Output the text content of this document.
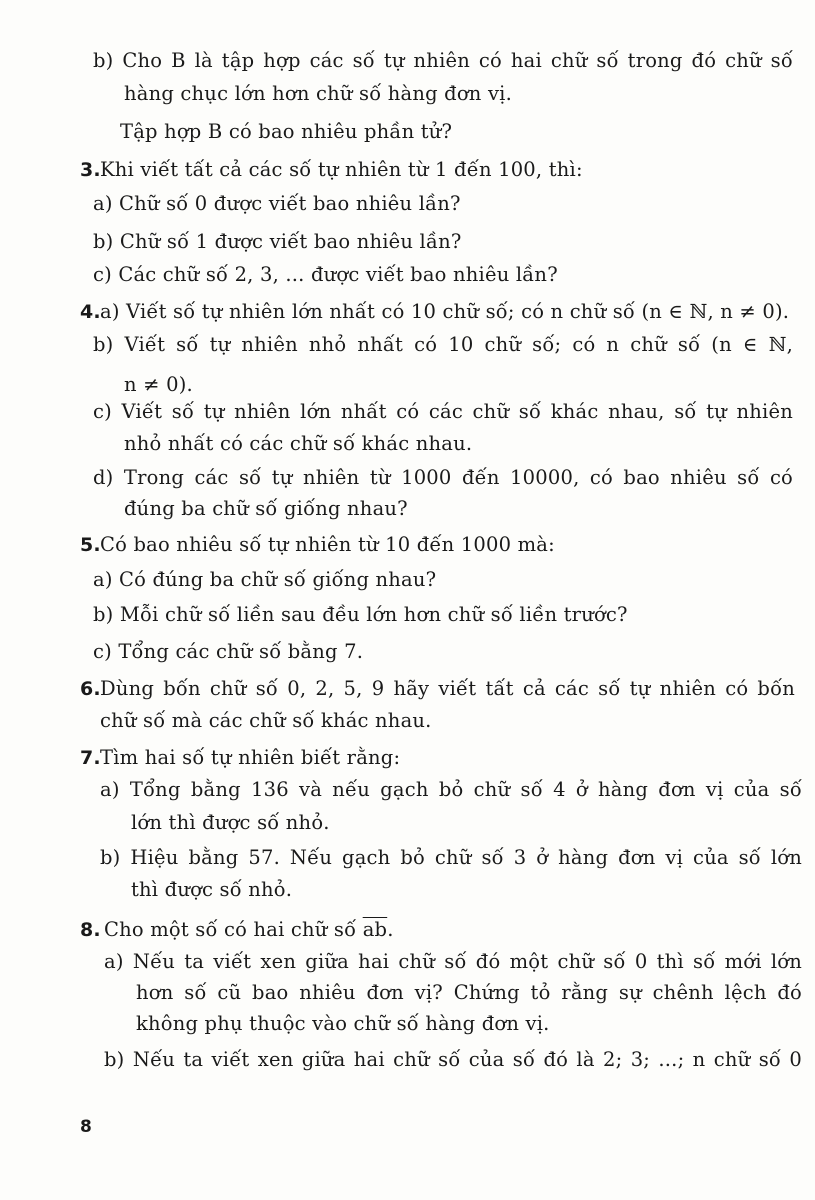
b) Cho B là tập hợp các số tự nhiên có hai chữ số trong đó chữ số
hàng chục lớn hơn chữ số hàng đơn vị.
Tập hợp B có bao nhiêu phần tử?
3. Khi viết tất cả các số tự nhiên từ 1 đến 100, thì:
a) Chữ số 0 được viết bao nhiêu lần?
b) Chữ số 1 được viết bao nhiêu lần?
c) Các chữ số 2, 3, ... được viết bao nhiêu lần?
4. a) Viết số tự nhiên lớn nhất có 10 chữ số; có n chữ số (n ∈ ℕ, n ≠ 0).
b) Viết số tự nhiên nhỏ nhất có 10 chữ số; có n chữ số (n ∈ ℕ,
n ≠ 0).
c) Viết số tự nhiên lớn nhất có các chữ số khác nhau, số tự nhiên
nhỏ nhất có các chữ số khác nhau.
d) Trong các số tự nhiên từ 1000 đến 10000, có bao nhiêu số có
đúng ba chữ số giống nhau?
5. Có bao nhiêu số tự nhiên từ 10 đến 1000 mà:
a) Có đúng ba chữ số giống nhau?
b) Mỗi chữ số liền sau đều lớn hơn chữ số liền trước?
c) Tổng các chữ số bằng 7.
6. Dùng bốn chữ số 0, 2, 5, 9 hãy viết tất cả các số tự nhiên có bốn
chữ số mà các chữ số khác nhau.
7. Tìm hai số tự nhiên biết rằng:
a) Tổng bằng 136 và nếu gạch bỏ chữ số 4 ở hàng đơn vị của số
lớn thì được số nhỏ.
b) Hiệu bằng 57. Nếu gạch bỏ chữ số 3 ở hàng đơn vị của số lớn
thì được số nhỏ.
8. Cho một số có hai chữ số $\overline{ab}$.
a) Nếu ta viết xen giữa hai chữ số đó một chữ số 0 thì số mới lớn
hơn số cũ bao nhiêu đơn vị? Chứng tỏ rằng sự chênh lệch đó
không phụ thuộc vào chữ số hàng đơn vị.
b) Nếu ta viết xen giữa hai chữ số của số đó là 2; 3; ...; n chữ số 0
8
